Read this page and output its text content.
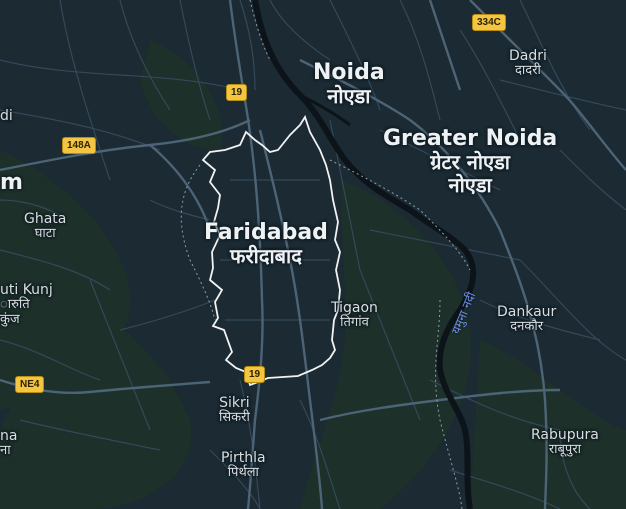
334C
19
148A
19
NE4
यमुना नदी
Noida
नोएडा
Greater Noida
ग्रेटर नोएडा
नोएडा
Faridabad
फरीदाबाद
Dadri
दादरी
Ghata
घाटा
Tigaon
तिगांव
Dankaur
दनकौर
Sikri
सिकरी
Pirthla
पिर्थला
Rabupura
राबूपुरा
uti Kunj
ारुति
कुंज
na
ना
m
di
